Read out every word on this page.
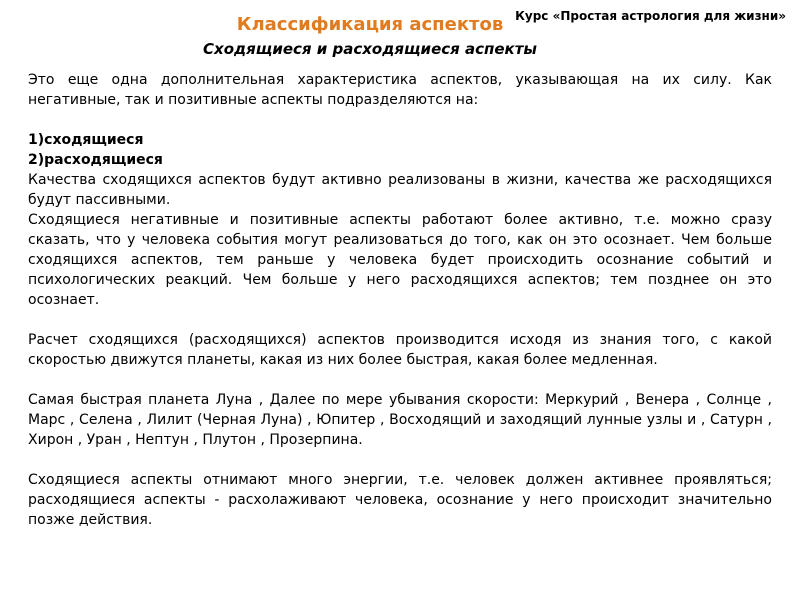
Курс «Простая астрология для жизни»
Классификация аспектов
Сходящиеся и расходящиеся аспекты

Это еще одна дополнительная характеристика аспектов, указывающая на их силу. Как негативные, так и позитивные аспекты подразделяются на:

1)сходящиеся

2)расходящиеся

Качества сходящихся аспектов будут активно реализованы в жизни, качества же расходящихся будут пассивными.

Сходящиеся негативные и позитивные аспекты работают более активно, т.е. можно сразу сказать, что у человека события могут реализоваться до того, как он это осознает. Чем больше сходящихся аспектов, тем раньше у человека будет происходить осознание событий и психологических реакций. Чем больше у него расходящихся аспектов; тем позднее он это осознает.

Расчет сходящихся (расходящихся) аспектов производится исходя из знания того, с какой скоростью движутся планеты, какая из них более быстрая, какая более медленная.

Самая быстрая планета Луна , Далее по мере убывания скорости: Меркурий , Венера , Солнце , Марс , Селена , Лилит (Черная Луна) , Юпитер , Восходящий и заходящий лунные узлы и , Сатурн , Хирон , Уран , Нептун , Плутон , Прозерпина.

Сходящиеся аспекты отнимают много энергии, т.е. человек должен активнее проявляться; расходящиеся аспекты - расхолаживают человека, осознание у него происходит значительно позже действия.
